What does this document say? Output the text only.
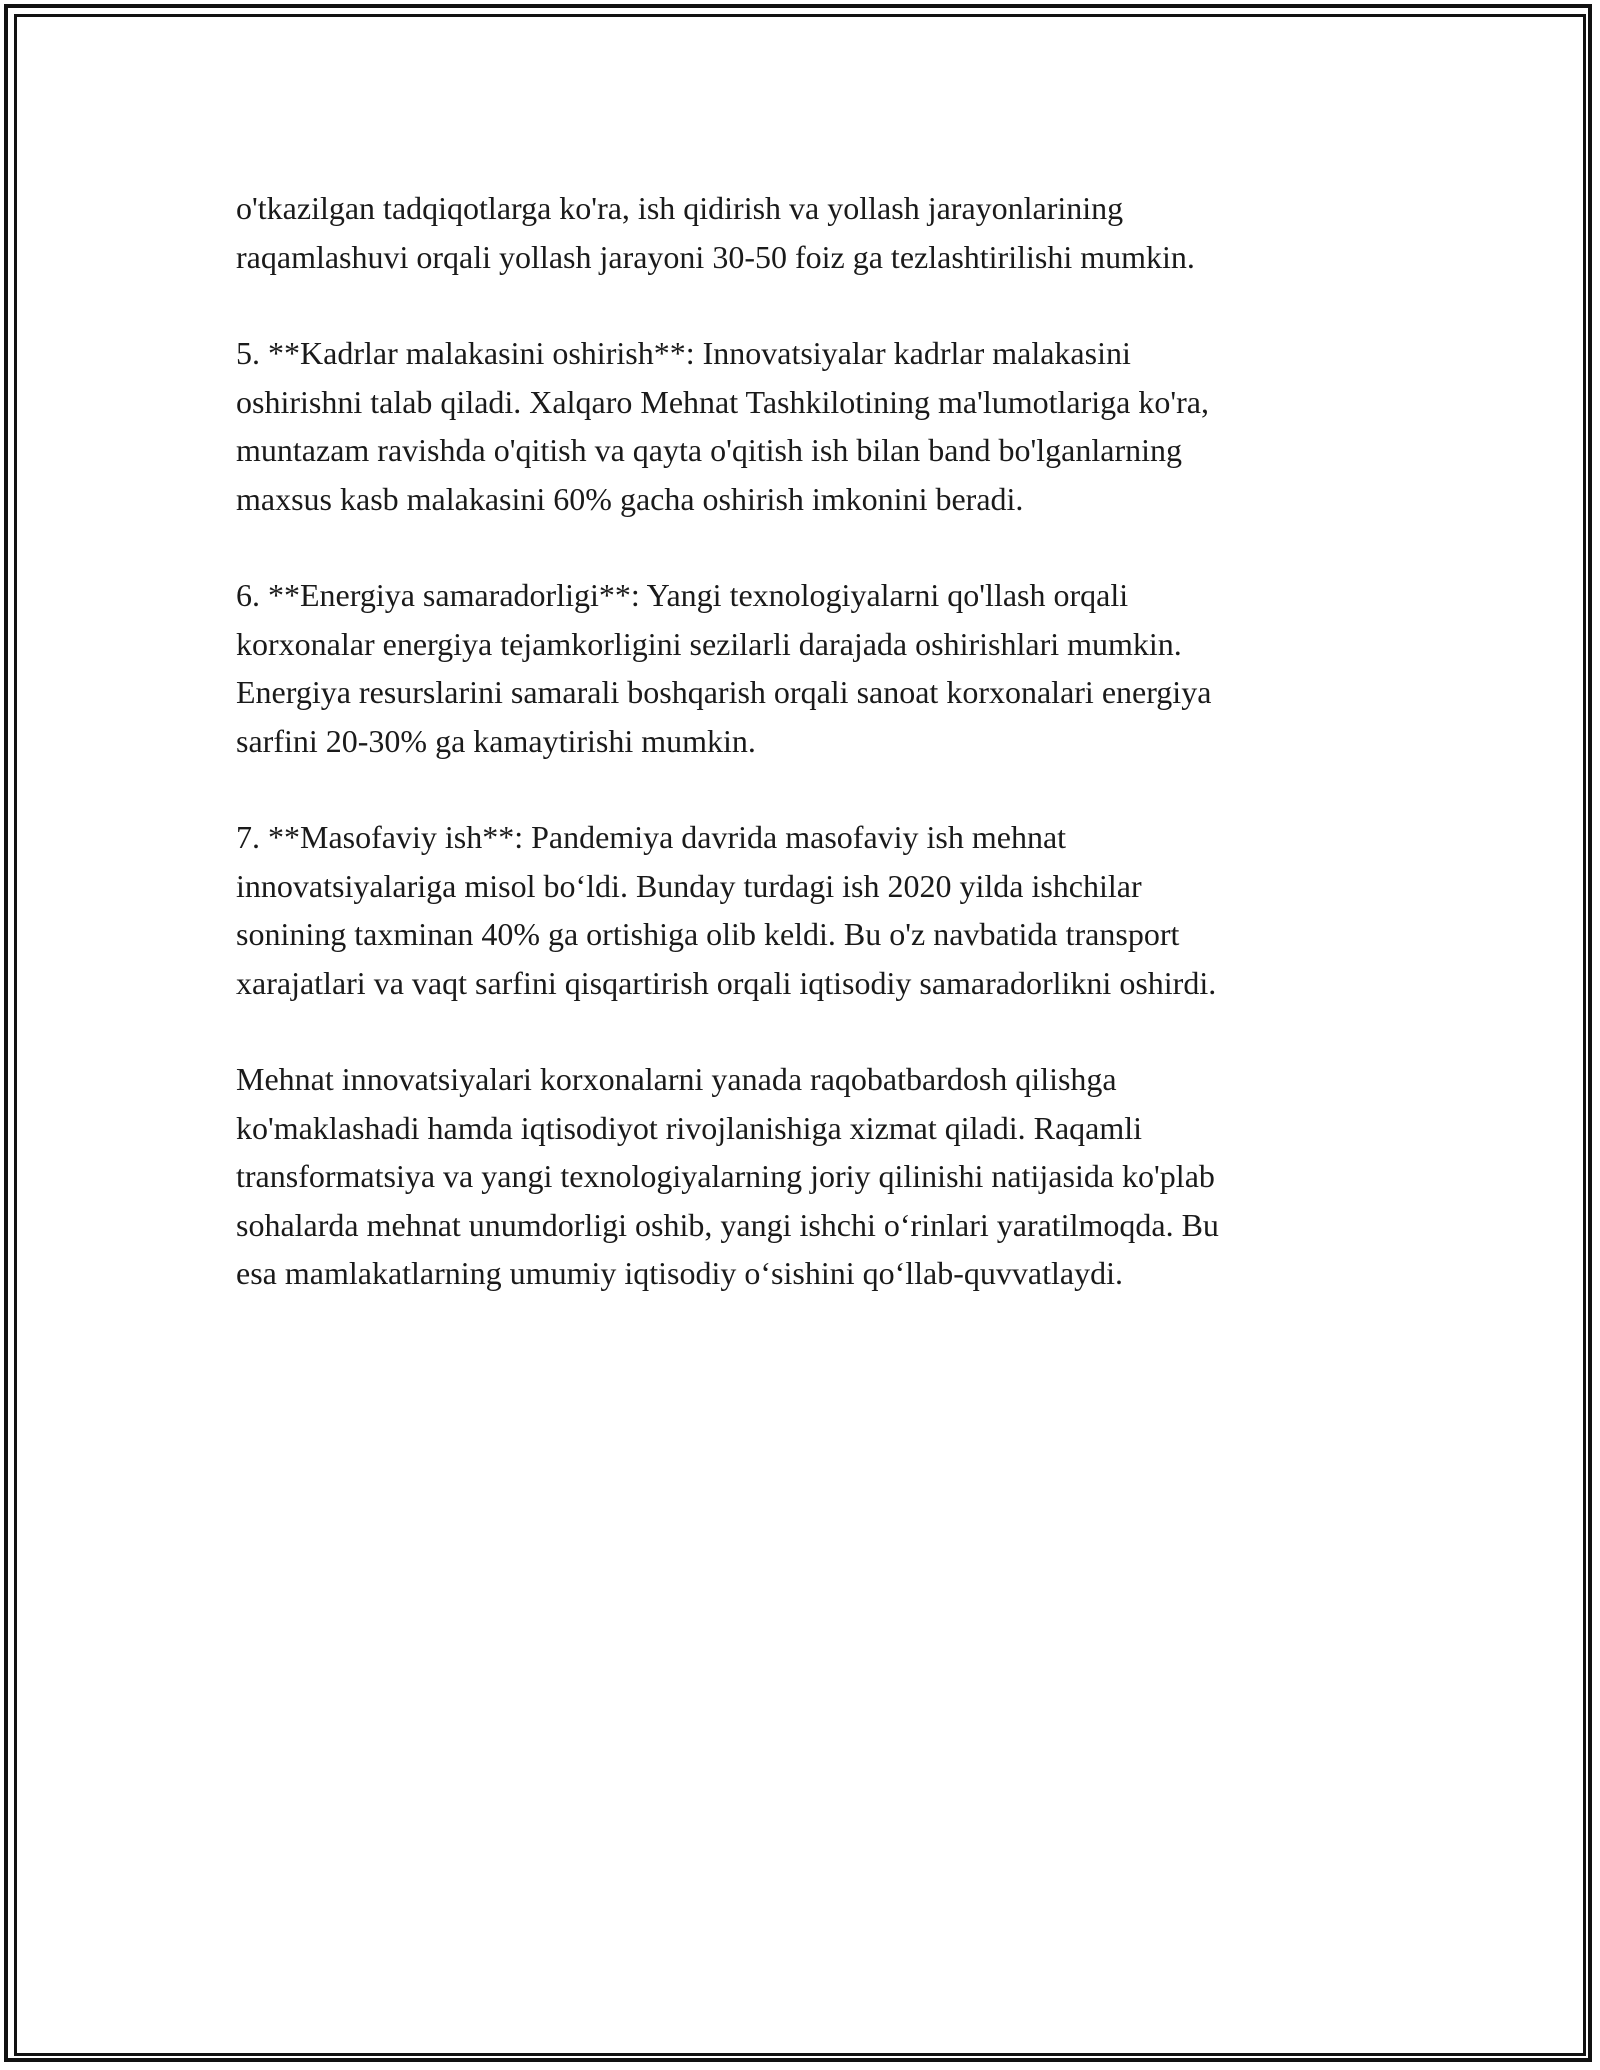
o'tkazilgan tadqiqotlarga ko'ra, ish qidirish va yollash jarayonlarining
raqamlashuvi orqali yollash jarayoni 30-50 foiz ga tezlashtirilishi mumkin.

5. **Kadrlar malakasini oshirish**: Innovatsiyalar kadrlar malakasini
oshirishni talab qiladi. Xalqaro Mehnat Tashkilotining ma'lumotlariga ko'ra,
muntazam ravishda o'qitish va qayta o'qitish ish bilan band bo'lganlarning
maxsus kasb malakasini 60% gacha oshirish imkonini beradi.

6. **Energiya samaradorligi**: Yangi texnologiyalarni qo'llash orqali
korxonalar energiya tejamkorligini sezilarli darajada oshirishlari mumkin.
Energiya resurslarini samarali boshqarish orqali sanoat korxonalari energiya
sarfini 20-30% ga kamaytirishi mumkin.

7. **Masofaviy ish**: Pandemiya davrida masofaviy ish mehnat
innovatsiyalariga misol bo‘ldi. Bunday turdagi ish 2020 yilda ishchilar
sonining taxminan 40% ga ortishiga olib keldi. Bu o'z navbatida transport
xarajatlari va vaqt sarfini qisqartirish orqali iqtisodiy samaradorlikni oshirdi.

Mehnat innovatsiyalari korxonalarni yanada raqobatbardosh qilishga
ko'maklashadi hamda iqtisodiyot rivojlanishiga xizmat qiladi. Raqamli
transformatsiya va yangi texnologiyalarning joriy qilinishi natijasida ko'plab
sohalarda mehnat unumdorligi oshib, yangi ishchi o‘rinlari yaratilmoqda. Bu
esa mamlakatlarning umumiy iqtisodiy o‘sishini qo‘llab-quvvatlaydi.
